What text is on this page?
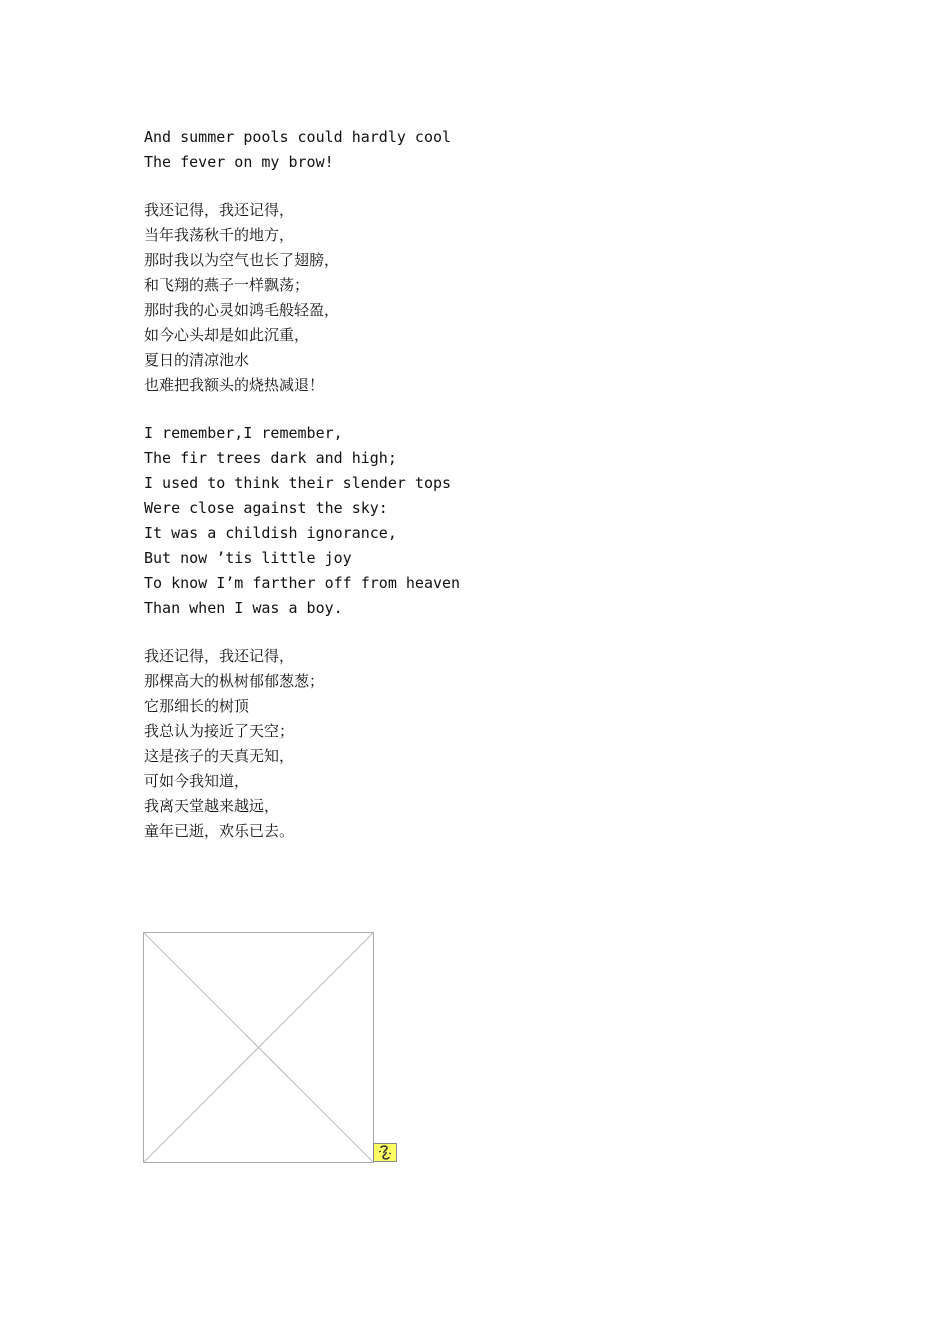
And summer pools could hardly cool
The fever on my brow!
我还记得，我还记得，
当年我荡秋千的地方，
那时我以为空气也长了翅膀，
和飞翔的燕子一样飘荡；
那时我的心灵如鸿毛般轻盈，
如今心头却是如此沉重，
夏日的清凉池水
也难把我额头的烧热减退！
I remember,I remember,
The fir trees dark and high;
I used to think their slender tops
Were close against the sky:
It was a childish ignorance,
But now ’tis little joy
To know I’m farther off from heaven
Than when I was a boy.
我还记得，我还记得，
那棵高大的枞树郁郁葱葱；
它那细长的树顶
我总认为接近了天空；
这是孩子的天真无知，
可如今我知道，
我离天堂越来越远，
童年已逝，欢乐已去。
